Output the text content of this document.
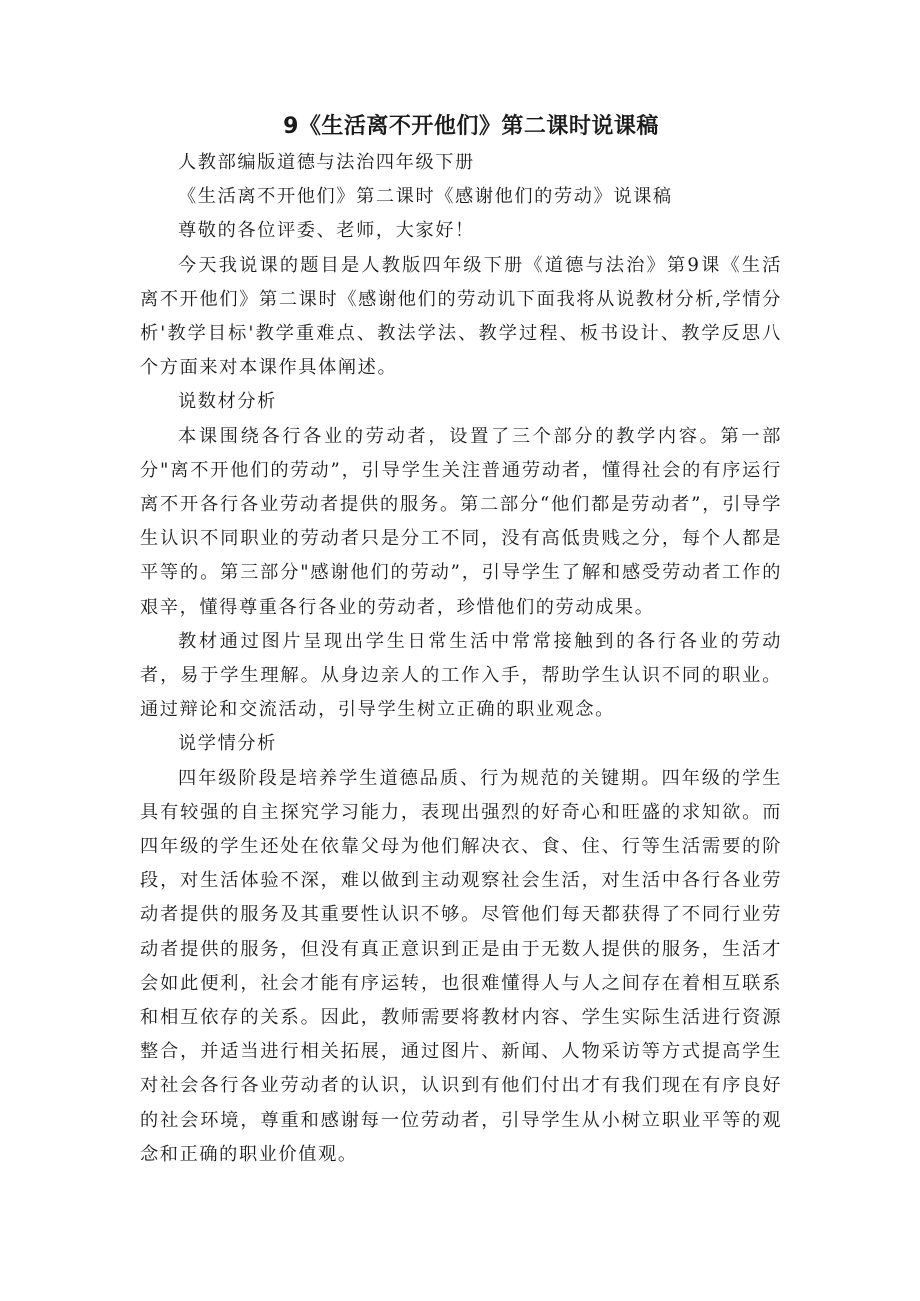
9《生活离不开他们》第二课时说课稿

人教部编版道德与法治四年级下册

《生活离不开他们》第二课时《感谢他们的劳动》说课稿

尊敬的各位评委、老师，大家好！

今天我说课的题目是人教版四年级下册《道德与法治》第9课《生活离不开他们》第二课时《感谢他们的劳动讥下面我将从说教材分析,学情分析'教学目标'教学重难点、教法学法、教学过程、板书设计、教学反思八个方面来对本课作具体阐述。

说数材分析

本课围绕各行各业的劳动者，设置了三个部分的教学内容。第一部分"离不开他们的劳动”，引导学生关注普通劳动者，懂得社会的有序运行离不开各行各业劳动者提供的服务。第二部分“他们都是劳动者”，引导学生认识不同职业的劳动者只是分工不同，没有高低贵贱之分，每个人都是平等的。第三部分"感谢他们的劳动”，引导学生了解和感受劳动者工作的艰辛，懂得尊重各行各业的劳动者，珍惜他们的劳动成果。

教材通过图片呈现出学生日常生活中常常接触到的各行各业的劳动者，易于学生理解。从身边亲人的工作入手，帮助学生认识不同的职业。通过辩论和交流活动，引导学生树立正确的职业观念。

说学情分析

四年级阶段是培养学生道德品质、行为规范的关键期。四年级的学生具有较强的自主探究学习能力，表现出强烈的好奇心和旺盛的求知欲。而四年级的学生还处在依靠父母为他们解决衣、食、住、行等生活需要的阶段，对生活体验不深，难以做到主动观察社会生活，对生活中各行各业劳动者提供的服务及其重要性认识不够。尽管他们每天都获得了不同行业劳动者提供的服务，但没有真正意识到正是由于无数人提供的服务，生活才会如此便利，社会才能有序运转，也很难懂得人与人之间存在着相互联系和相互依存的关系。因此，教师需要将教材内容、学生实际生活进行资源整合，并适当进行相关拓展，通过图片、新闻、人物采访等方式提高学生对社会各行各业劳动者的认识，认识到有他们付出才有我们现在有序良好的社会环境，尊重和感谢每一位劳动者，引导学生从小树立职业平等的观念和正确的职业价值观。
